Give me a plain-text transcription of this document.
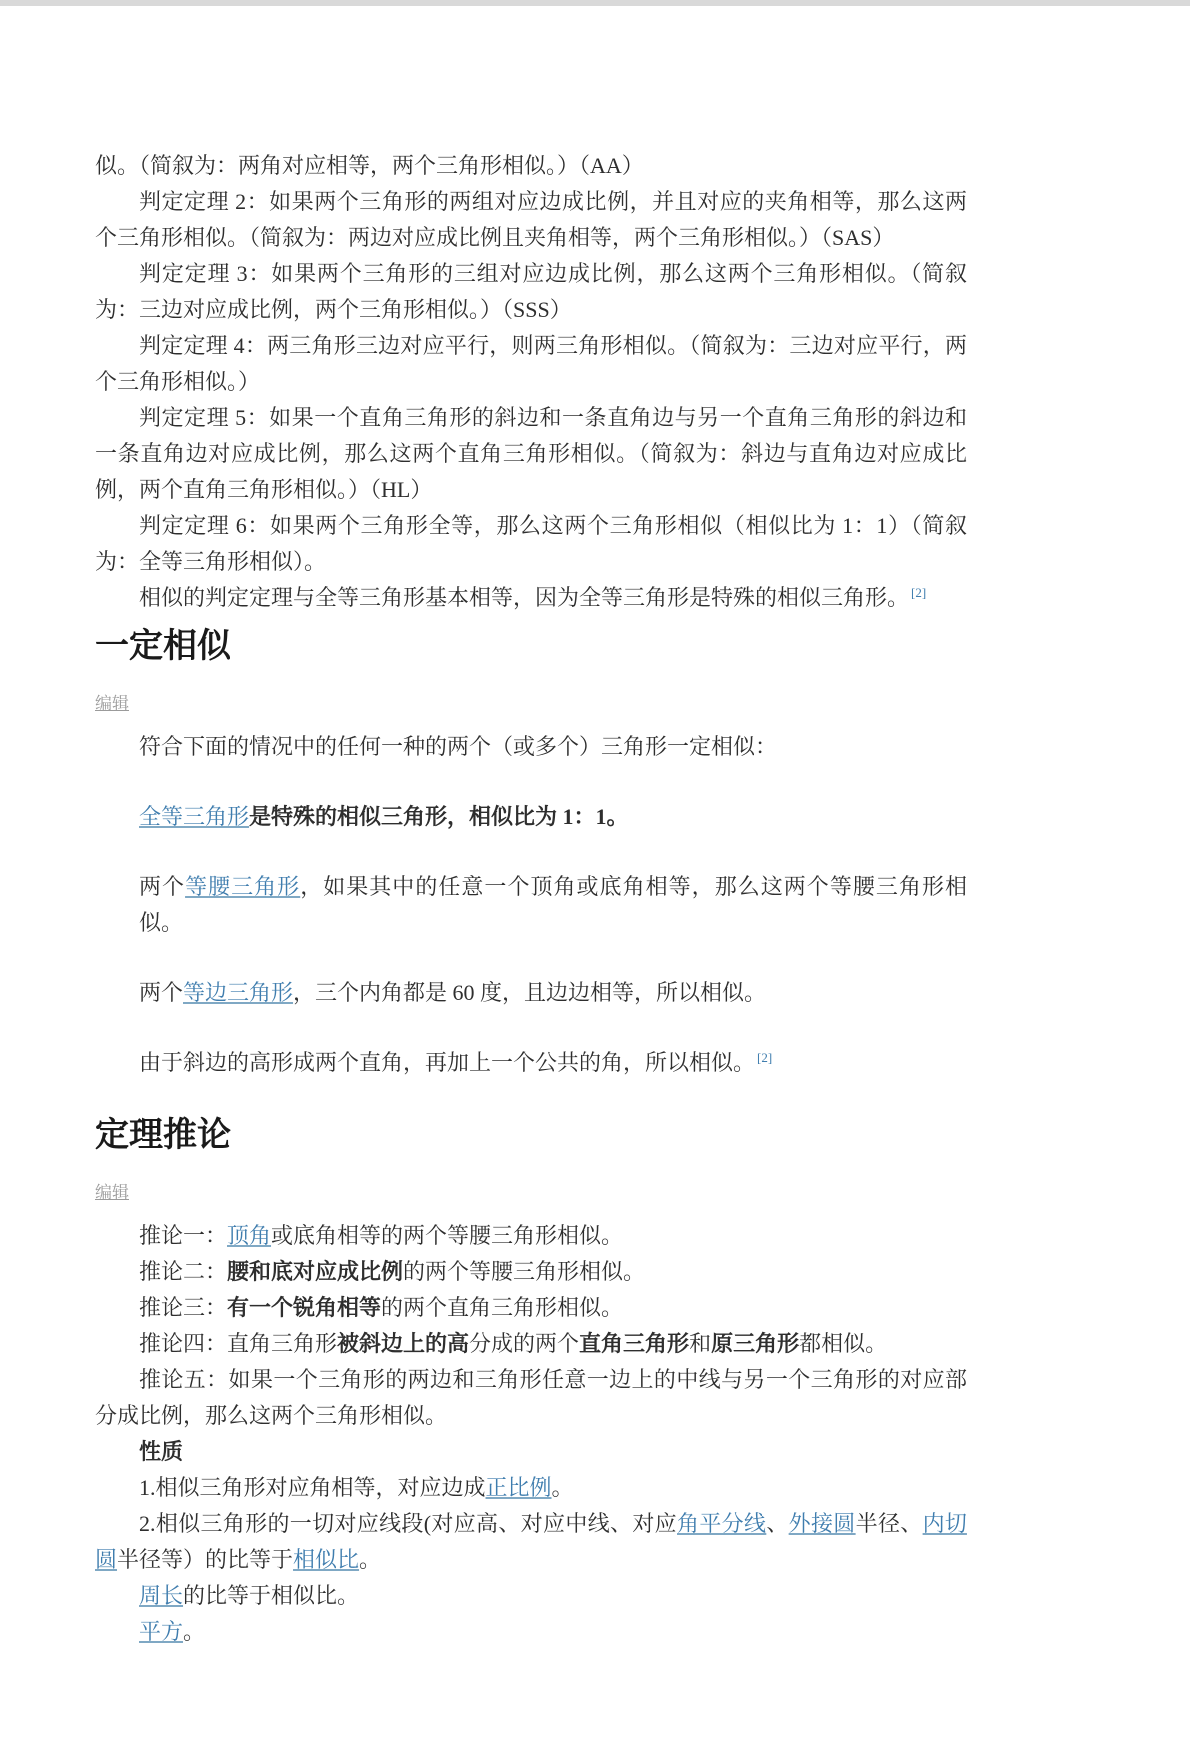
似。（简叙为：两角对应相等，两个三角形相似。）（AA）

判定定理 2：如果两个三角形的两组对应边成比例，并且对应的夹角相等，那么这两个三角形相似。（简叙为：两边对应成比例且夹角相等，两个三角形相似。）（SAS）

判定定理 3：如果两个三角形的三组对应边成比例，那么这两个三角形相似。（简叙为：三边对应成比例，两个三角形相似。）（SSS）

判定定理 4：两三角形三边对应平行，则两三角形相似。（简叙为：三边对应平行，两个三角形相似。）

判定定理 5：如果一个直角三角形的斜边和一条直角边与另一个直角三角形的斜边和一条直角边对应成比例，那么这两个直角三角形相似。（简叙为：斜边与直角边对应成比例，两个直角三角形相似。）（HL）

判定定理 6：如果两个三角形全等，那么这两个三角形相似（相似比为 1：1）（简叙为：全等三角形相似）。

相似的判定定理与全等三角形基本相等，因为全等三角形是特殊的相似三角形。 [2]

一定相似

编辑

符合下面的情况中的任何一种的两个（或多个）三角形一定相似：

全等三角形是特殊的相似三角形，相似比为 1：1。

两个等腰三角形，如果其中的任意一个顶角或底角相等，那么这两个等腰三角形相似。

两个等边三角形，三个内角都是 60 度，且边边相等，所以相似。

由于斜边的高形成两个直角，再加上一个公共的角，所以相似。 [2]

定理推论

编辑

推论一：顶角或底角相等的两个等腰三角形相似。

推论二：腰和底对应成比例的两个等腰三角形相似。

推论三：有一个锐角相等的两个直角三角形相似。

推论四：直角三角形被斜边上的高分成的两个直角三角形和原三角形都相似。

推论五：如果一个三角形的两边和三角形任意一边上的中线与另一个三角形的对应部分成比例，那么这两个三角形相似。

性质

1.相似三角形对应角相等，对应边成正比例。

2.相似三角形的一切对应线段(对应高、对应中线、对应角平分线、外接圆半径、内切圆半径等）的比等于相似比。

周长的比等于相似比。

平方。
